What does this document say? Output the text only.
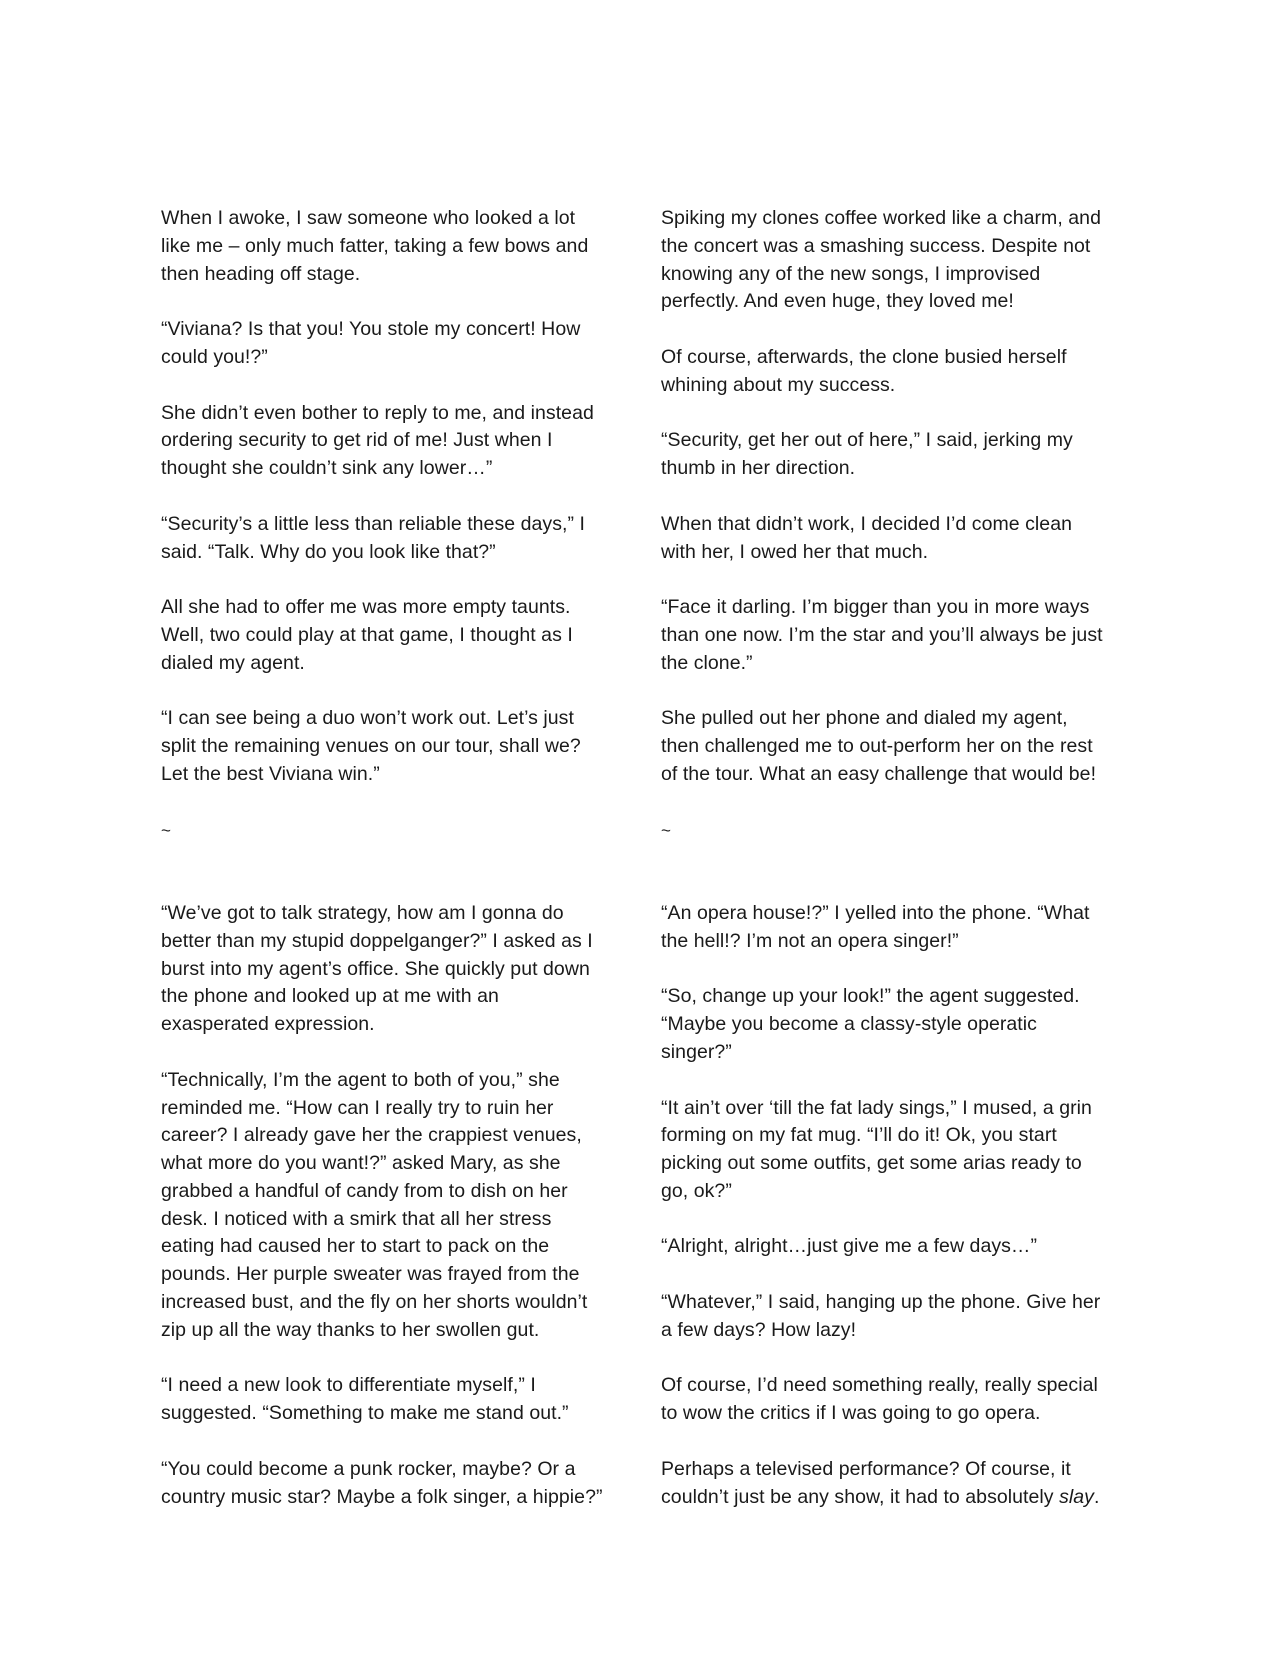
When I awoke, I saw someone who looked a lot
like me – only much fatter, taking a few bows and
then heading off stage.

“Viviana? Is that you! You stole my concert! How
could you!?”

She didn’t even bother to reply to me, and instead
ordering security to get rid of me! Just when I
thought she couldn’t sink any lower…”

“Security’s a little less than reliable these days,” I
said. “Talk. Why do you look like that?”

All she had to offer me was more empty taunts.
Well, two could play at that game, I thought as I
dialed my agent.

“I can see being a duo won’t work out. Let’s just
split the remaining venues on our tour, shall we?
Let the best Viviana win.”

~

“We’ve got to talk strategy, how am I gonna do
better than my stupid doppelganger?” I asked as I
burst into my agent’s office. She quickly put down
the phone and looked up at me with an
exasperated expression.

“Technically, I’m the agent to both of you,” she
reminded me. “How can I really try to ruin her
career? I already gave her the crappiest venues,
what more do you want!?” asked Mary, as she
grabbed a handful of candy from to dish on her
desk. I noticed with a smirk that all her stress
eating had caused her to start to pack on the
pounds. Her purple sweater was frayed from the
increased bust, and the fly on her shorts wouldn’t
zip up all the way thanks to her swollen gut.

“I need a new look to differentiate myself,” I
suggested. “Something to make me stand out.”

“You could become a punk rocker, maybe? Or a
country music star? Maybe a folk singer, a hippie?”

Spiking my clones coffee worked like a charm, and
the concert was a smashing success. Despite not
knowing any of the new songs, I improvised
perfectly. And even huge, they loved me!

Of course, afterwards, the clone busied herself
whining about my success.

“Security, get her out of here,” I said, jerking my
thumb in her direction.

When that didn’t work, I decided I’d come clean
with her, I owed her that much.

“Face it darling. I’m bigger than you in more ways
than one now. I’m the star and you’ll always be just
the clone.”

She pulled out her phone and dialed my agent,
then challenged me to out-perform her on the rest
of the tour. What an easy challenge that would be!

~

“An opera house!?” I yelled into the phone. “What
the hell!? I’m not an opera singer!”

“So, change up your look!” the agent suggested.
“Maybe you become a classy-style operatic
singer?”

“It ain’t over ‘till the fat lady sings,” I mused, a grin
forming on my fat mug. “I’ll do it! Ok, you start
picking out some outfits, get some arias ready to
go, ok?”

“Alright, alright…just give me a few days…”

“Whatever,” I said, hanging up the phone. Give her
a few days? How lazy!

Of course, I’d need something really, really special
to wow the critics if I was going to go opera.

Perhaps a televised performance? Of course, it
couldn’t just be any show, it had to absolutely slay.
